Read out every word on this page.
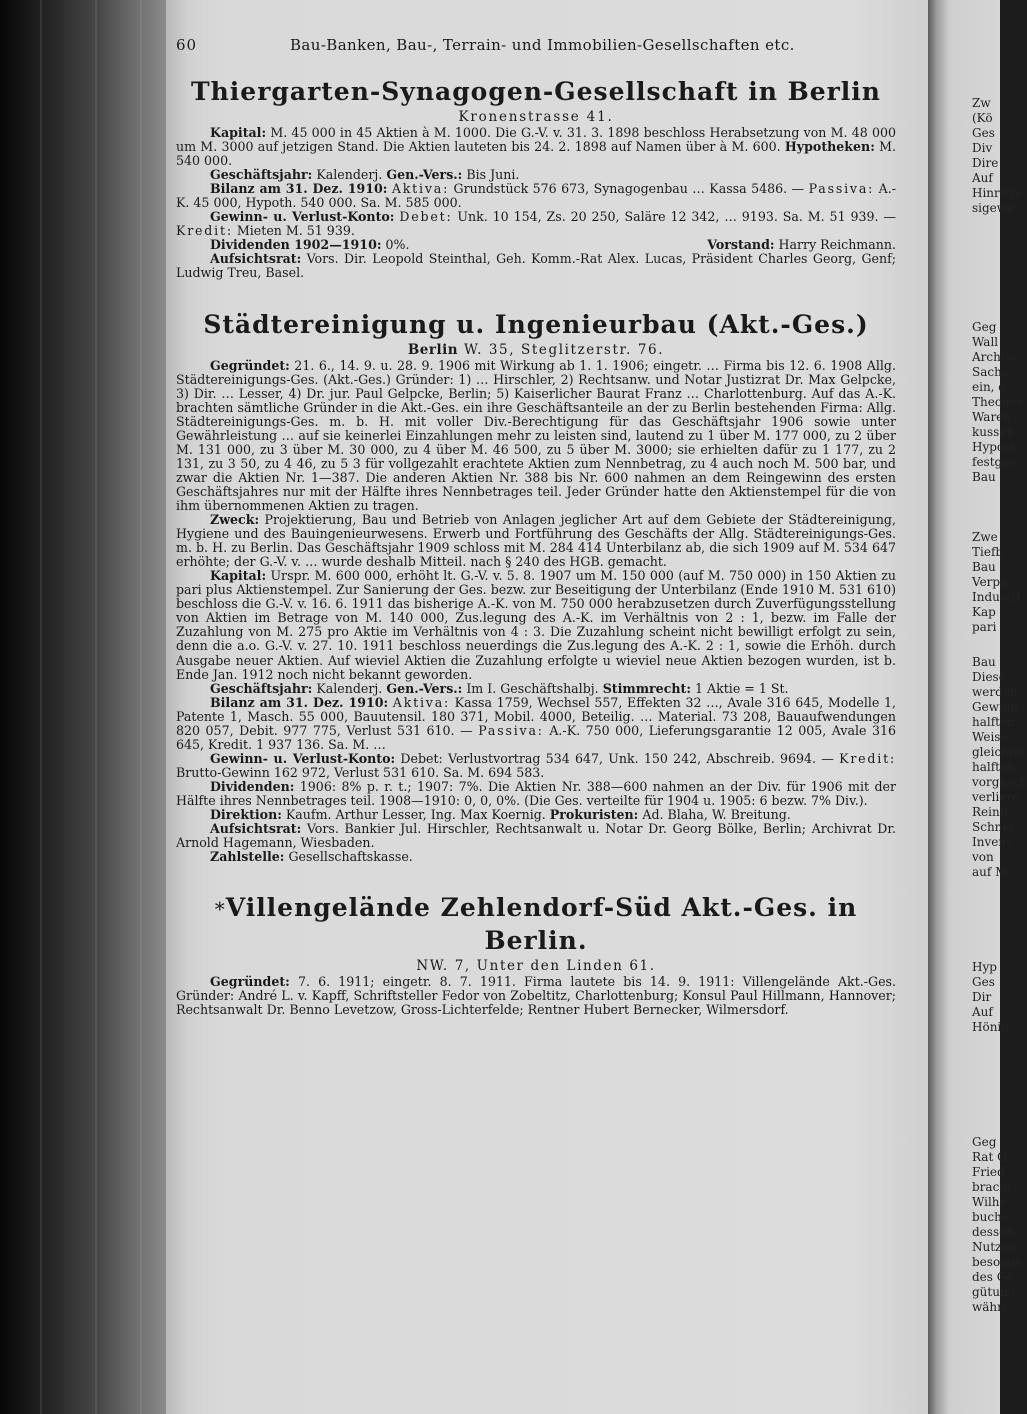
60	Bau-Banken, Bau-, Terrain- und Immobilien-Gesellschaften etc.
Thiergarten-Synagogen-Gesellschaft in Berlin
Kronenstrasse 41.

Kapital: M. 45 000 in 45 Aktien à M. 1000. Die G.-V. v. 31. 3. 1898 beschloss Herabsetzung von M. 48 000 um M. 3000 auf jetzigen Stand. Die Aktien lauteten bis 24. 2. 1898 auf Namen über à M. 600. Hypotheken: M. 540 000.

Geschäftsjahr: Kalenderj. Gen.-Vers.: Bis Juni.

Bilanz am 31. Dez. 1910: Aktiva: Grundstück 576 673, Synagogenbau … Kassa 5486. — Passiva: A.-K. 45 000, Hypoth. 540 000. Sa. M. 585 000.

Gewinn- u. Verlust-Konto: Debet: Unk. 10 154, Zs. 20 250, Saläre 12 342, … 9193. Sa. M. 51 939. — Kredit: Mieten M. 51 939.

Dividenden 1902—1910: 0%.	Vorstand: Harry Reichmann.

Aufsichtsrat: Vors. Dir. Leopold Steinthal, Geh. Komm.-Rat Alex. Lucas, Präsident Charles Georg, Genf; Ludwig Treu, Basel.

Städtereinigung u. Ingenieurbau (Akt.-Ges.)
Berlin W. 35, Steglitzerstr. 76.

Gegründet: 21. 6., 14. 9. u. 28. 9. 1906 mit Wirkung ab 1. 1. 1906; eingetr. … Firma bis 12. 6. 1908 Allg. Städtereinigungs-Ges. (Akt.-Ges.) Gründer: 1) … Hirschler, 2) Rechtsanw. und Notar Justizrat Dr. Max Gelpcke, 3) Dir. … Lesser, 4) Dr. jur. Paul Gelpcke, Berlin; 5) Kaiserlicher Baurat Franz … Charlottenburg. Auf das A.-K. brachten sämtliche Gründer in die Akt.-Ges. ein ihre Geschäftsanteile an der zu Berlin bestehenden Firma: Allg. Städtereinigungs-Ges. m. b. H. mit voller Div.-Berechtigung für das Geschäftsjahr 1906 sowie unter Gewährleistung … auf sie keinerlei Einzahlungen mehr zu leisten sind, lautend zu 1 über M. 177 000, zu 2 über M. 131 000, zu 3 über M. 30 000, zu 4 über M. 46 500, zu 5 über M. 3000; sie erhielten dafür zu 1 177, zu 2 131, zu 3 50, zu 4 46, zu 5 3 für vollgezahlt erachtete Aktien zum Nennbetrag, zu 4 auch noch M. 500 bar, und zwar die Aktien Nr. 1—387. Die anderen Aktien Nr. 388 bis Nr. 600 nahmen an dem Reingewinn des ersten Geschäftsjahres nur mit der Hälfte ihres Nennbetrages teil. Jeder Gründer hatte den Aktienstempel für die von ihm übernommenen Aktien zu tragen.

Zweck: Projektierung, Bau und Betrieb von Anlagen jeglicher Art auf dem Gebiete der Städtereinigung, Hygiene und des Bauingenieurwesens. Erwerb und Fortführung des Geschäfts der Allg. Städtereinigungs-Ges. m. b. H. zu Berlin. Das Geschäftsjahr 1909 schloss mit M. 284 414 Unterbilanz ab, die sich 1909 auf M. 534 647 erhöhte; der G.-V. v. … wurde deshalb Mitteil. nach § 240 des HGB. gemacht.

Kapital: Urspr. M. 600 000, erhöht lt. G.-V. v. 5. 8. 1907 um M. 150 000 (auf M. 750 000) in 150 Aktien zu pari plus Aktienstempel. Zur Sanierung der Ges. bezw. zur Beseitigung der Unterbilanz (Ende 1910 M. 531 610) beschloss die G.-V. v. 16. 6. 1911 das bisherige A.-K. von M. 750 000 herabzusetzen durch Zuverfügungsstellung von Aktien im Betrage von M. 140 000, Zus.legung des A.-K. im Verhältnis von 2 : 1, bezw. im Falle der Zuzahlung von M. 275 pro Aktie im Verhältnis von 4 : 3. Die Zuzahlung scheint nicht bewilligt erfolgt zu sein, denn die a.o. G.-V. v. 27. 10. 1911 beschloss neuerdings die Zus.legung des A.-K. 2 : 1, sowie die Erhöh. durch Ausgabe neuer Aktien. Auf wieviel Aktien die Zuzahlung erfolgte u wieviel neue Aktien bezogen wurden, ist b. Ende Jan. 1912 noch nicht bekannt geworden.

Geschäftsjahr: Kalenderj. Gen.-Vers.: Im I. Geschäftshalbj. Stimmrecht: 1 Aktie = 1 St.

Bilanz am 31. Dez. 1910: Aktiva: Kassa 1759, Wechsel 557, Effekten 32 …, Avale 316 645, Modelle 1, Patente 1, Masch. 55 000, Bauutensil. 180 371, Mobil. 4000, Beteilig. … Material. 73 208, Bauaufwendungen 820 057, Debit. 977 775, Verlust 531 610. — Passiva: A.-K. 750 000, Lieferungsgarantie 12 005, Avale 316 645, Kredit. 1 937 136. Sa. M. …

Gewinn- u. Verlust-Konto: Debet: Verlustvortrag 534 647, Unk. 150 242, Abschreib. 9694. — Kredit: Brutto-Gewinn 162 972, Verlust 531 610. Sa. M. 694 583.

Dividenden: 1906: 8% p. r. t.; 1907: 7%. Die Aktien Nr. 388—600 nahmen an der Div. für 1906 mit der Hälfte ihres Nennbetrages teil. 1908—1910: 0, 0, 0%. (Die Ges. verteilte für 1904 u. 1905: 6 bezw. 7% Div.).

Direktion: Kaufm. Arthur Lesser, Ing. Max Koernig. Prokuristen: Ad. Blaha, W. Breitung.

Aufsichtsrat: Vors. Bankier Jul. Hirschler, Rechtsanwalt u. Notar Dr. Georg Bölke, Berlin; Archivrat Dr. Arnold Hagemann, Wiesbaden.

Zahlstelle: Gesellschaftskasse.

*Villengelände Zehlendorf-Süd Akt.-Ges. in Berlin.
NW. 7, Unter den Linden 61.

Gegründet: 7. 6. 1911; eingetr. 8. 7. 1911. Firma lautete bis 14. 9. 1911: Villengelände Akt.-Ges. Gründer: André L. v. Kapff, Schriftsteller Fedor von Zobeltitz, Charlottenburg; Konsul Paul Hillmann, Hannover; Rechtsanwalt Dr. Benno Levetzow, Gross-Lichterfelde; Rentner Hubert Bernecker, Wilmersdorf.

Zw
(Kö
Ges
Div
Dire
Auf
Hinrich-
sigewe
Geg
Wall
Archite
Sache
ein, d
Theodor
Waren
kussen
Hypoth
festges
Bau
Zwe
Tiefb
Bau
Verpa
Industri
Kap
pari
Bau
Diese
werden
Gewinn
halften
Weise
gleichbe
halften
vorgesch
verliere
Reinh
Schnei
Invent
von
auf M.
Hyp
Ges
Dir
Auf
Hönig.
Geg
Rat O
Fried
bracht
Wilhe
buche
dessen
Nutzun
besonde
des Ge
gütung
währt
